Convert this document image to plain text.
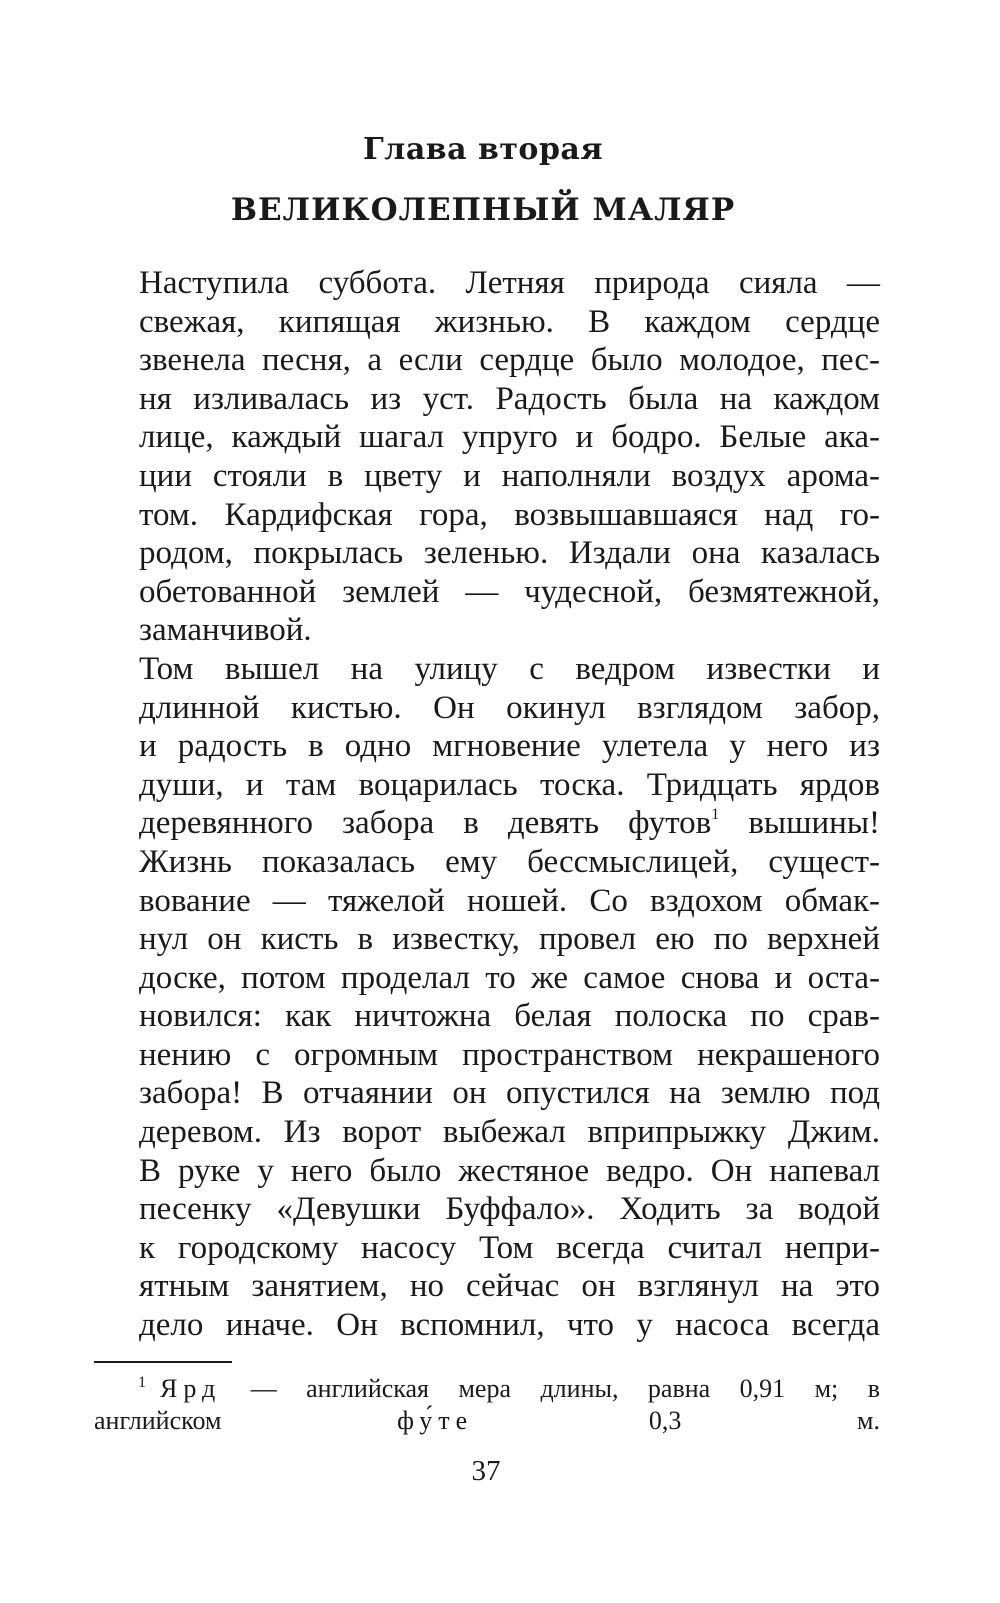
Глава вторая
ВЕЛИКОЛЕПНЫЙ МАЛЯР

Наступила суббота. Летняя природа сияла —
свежая, кипящая жизнью. В каждом сердце
звенела песня, а если сердце было молодое, пес-
ня изливалась из уст. Радость была на каждом
лице, каждый шагал упруго и бодро. Белые ака-
ции стояли в цвету и наполняли воздух арома-
том. Кардифская гора, возвышавшаяся над го-
родом, покрылась зеленью. Издали она казалась
обетованной землей — чудесной, безмятежной,
заманчивой.

Том вышел на улицу с ведром известки и
длинной кистью. Он окинул взглядом забор,
и радость в одно мгновение улетела у него из
души, и там воцарилась тоска. Тридцать ярдов
деревянного забора в девять футов$^1$ вышины!
Жизнь показалась ему бессмыслицей, сущест-
вование — тяжелой ношей. Со вздохом обмак-
нул он кисть в известку, провел ею по верхней
доске, потом проделал то же самое снова и оста-
новился: как ничтожна белая полоска по срав-
нению с огромным пространством некрашеного
забора! В отчаянии он опустился на землю под
деревом. Из ворот выбежал вприпрыжку Джим.
В руке у него было жестяное ведро. Он напевал
песенку «Девушки Буффало». Ходить за водой
к городскому насосу Том всегда считал непри-
ятным занятием, но сейчас он взглянул на это
дело иначе. Он вспомнил, что у насоса всегда

$^1$ Ярд — английская мера длины, равна 0,91 м; в
английском фу́те 0,3 м.
37
